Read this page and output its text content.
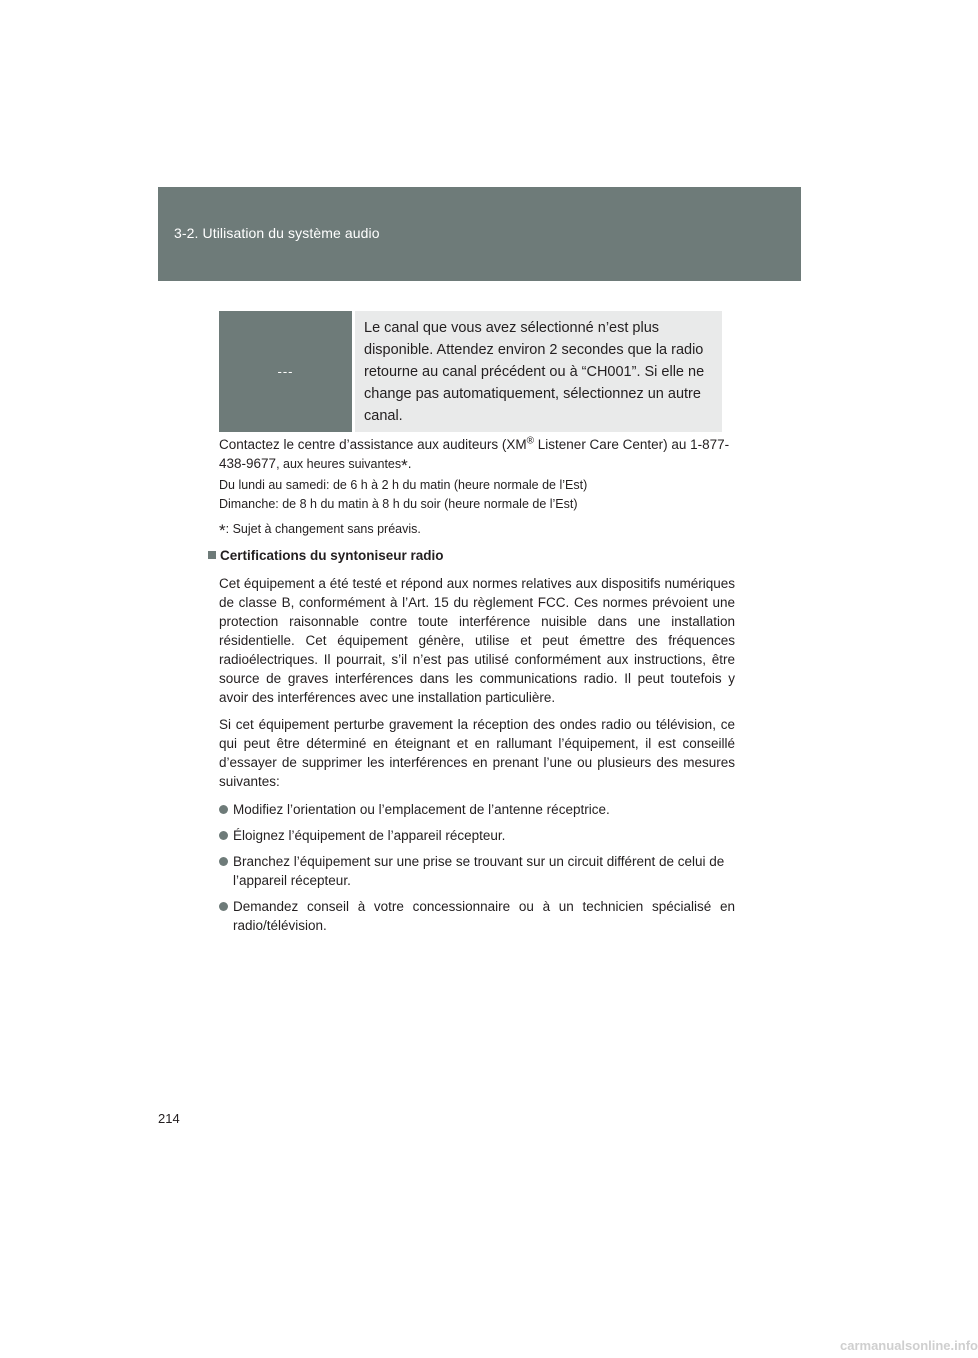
3-2. Utilisation du système audio
---
Le canal que vous avez sélectionné n’est plus disponible. Attendez environ 2 secondes que la radio retourne au canal précédent ou à “CH001”. Si elle ne change pas automatiquement, sélectionnez un autre canal.
Contactez le centre d’assistance aux auditeurs (XM® Listener Care Center) au 1-877-438-9677, aux heures suivantes*.
Du lundi au samedi: de 6 h à 2 h du matin (heure normale de l’Est)
Dimanche: de 8 h du matin à 8 h du soir (heure normale de l’Est)
*: Sujet à changement sans préavis.
Certifications du syntoniseur radio
Cet équipement a été testé et répond aux normes relatives aux dispositifs numériques de classe B, conformément à l’Art. 15 du règlement FCC. Ces normes prévoient une protection raisonnable contre toute interférence nuisible dans une installation résidentielle. Cet équipement génère, utilise et peut émettre des fréquences radioélectriques. Il pourrait, s’il n’est pas utilisé conformément aux instructions, être source de graves interférences dans les communications radio. Il peut toutefois y avoir des interférences avec une installation particulière.
Si cet équipement perturbe gravement la réception des ondes radio ou télévision, ce qui peut être déterminé en éteignant et en rallumant l’équipement, il est conseillé d’essayer de supprimer les interférences en prenant l’une ou plusieurs des mesures suivantes:
Modifiez l’orientation ou l’emplacement de l’antenne réceptrice.
Éloignez l’équipement de l’appareil récepteur.
Branchez l’équipement sur une prise se trouvant sur un circuit différent de celui de l’appareil récepteur.
Demandez conseil à votre concessionnaire ou à un technicien spécialisé en radio/télévision.
214
carmanualsonline.info
